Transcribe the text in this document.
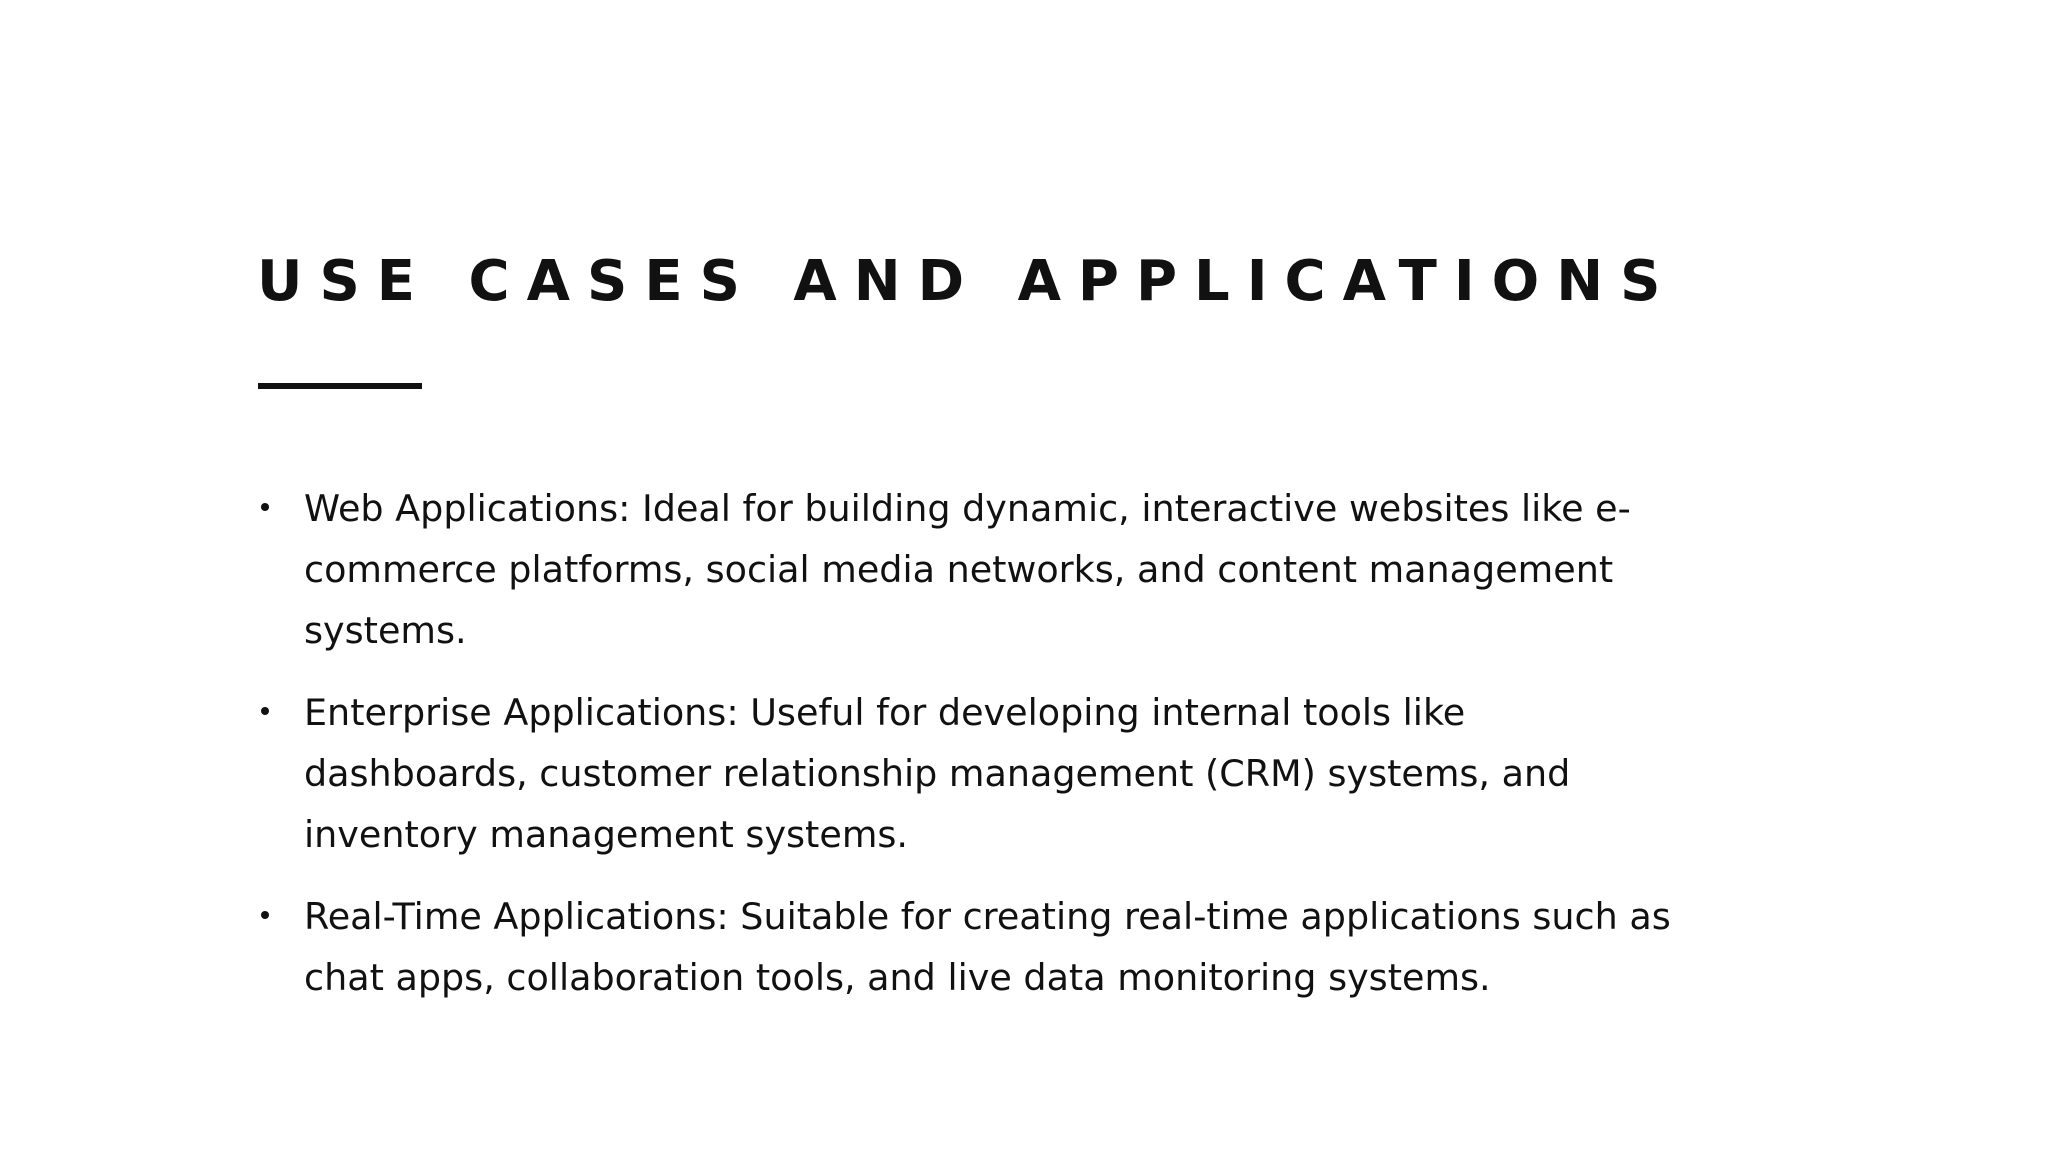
USE CASES AND APPLICATIONS
Web Applications: Ideal for building dynamic, interactive websites like e-commerce platforms, social media networks, and content management systems.
Enterprise Applications: Useful for developing internal tools like dashboards, customer relationship management (CRM) systems, and inventory management systems.
Real-Time Applications: Suitable for creating real-time applications such as chat apps, collaboration tools, and live data monitoring systems.
